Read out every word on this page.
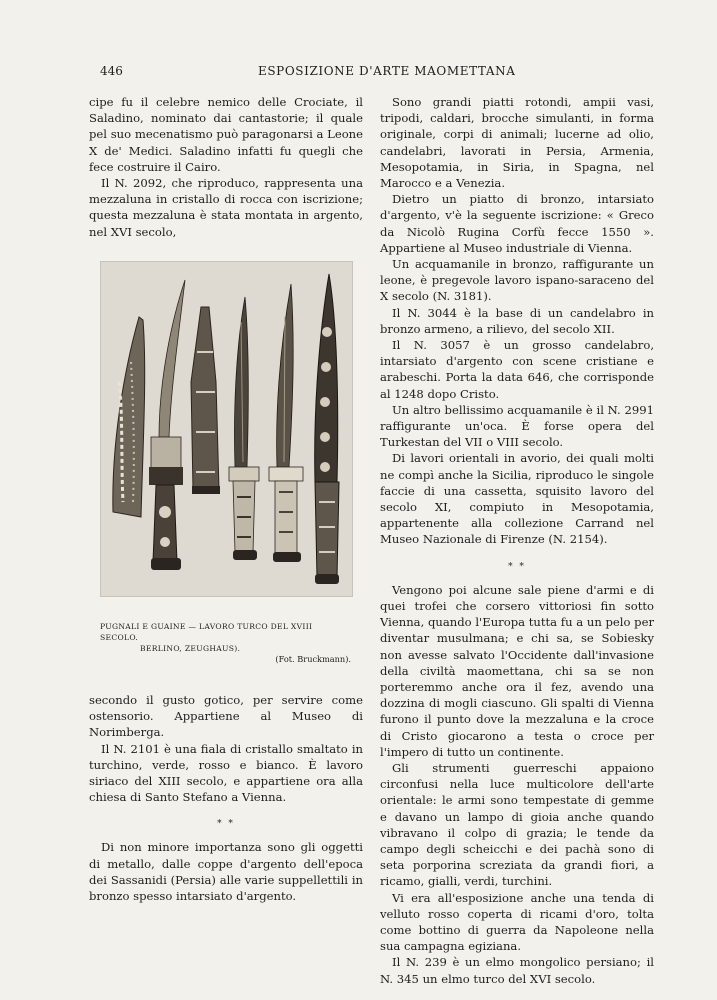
446	ESPOSIZIONE D'ARTE MAOMETTANA

cipe fu il celebre nemico delle Crociate, il Saladino, nominato dai cantastorie; il quale pel suo mecenatismo può paragonarsi a Leone X de' Medici. Saladino infatti fu quegli che fece costruire il Cairo.

Il N. 2092, che riproduco, rappresenta una mezzaluna in cristallo di rocca con iscrizione; questa mezzaluna è stata montata in argento, nel XVI secolo,

PUGNALI E GUAINE — LAVORO TURCO DEL XVIII SECOLO.
BERLINO, ZEUGHAUS).
(Fot. Bruckmann).

secondo il gusto gotico, per servire come ostensorio. Appartiene al Museo di Norimberga.

Il N. 2101 è una fiala di cristallo smaltato in turchino, verde, rosso e bianco. È lavoro siriaco del XIII secolo, e appartiene ora alla chiesa di Santo Stefano a Vienna.

* *

Di non minore importanza sono gli oggetti di metallo, dalle coppe d'argento dell'epoca dei Sassanidi (Persia) alle varie suppellettili in bronzo spesso intarsiato d'argento.

Sono grandi piatti rotondi, ampii vasi, tripodi, caldari, brocche simulanti, in forma originale, corpi di animali; lucerne ad olio, candelabri, lavorati in Persia, Armenia, Mesopotamia, in Siria, in Spagna, nel Marocco e a Venezia.

Dietro un piatto di bronzo, intarsiato d'argento, v'è la seguente iscrizione: « Greco da Nicolò Rugina Corfù fecce 1550 ». Appartiene al Museo industriale di Vienna.

Un acquamanile in bronzo, raffigurante un leone, è pregevole lavoro ispano-saraceno del X secolo (N. 3181).

Il N. 3044 è la base di un candelabro in bronzo armeno, a rilievo, del secolo XII.

Il N. 3057 è un grosso candelabro, intarsiato d'argento con scene cristiane e arabeschi. Porta la data 646, che corrisponde al 1248 dopo Cristo.

Un altro bellissimo acquamanile è il N. 2991 raffigurante un'oca. È forse opera del Turkestan del VII o VIII secolo.

Di lavori orientali in avorio, dei quali molti ne compì anche la Sicilia, riproduco le singole faccie di una cassetta, squisito lavoro del secolo XI, compiuto in Mesopotamia, appartenente alla collezione Carrand nel Museo Nazionale di Firenze (N. 2154).

* *

Vengono poi alcune sale piene d'armi e di quei trofei che corsero vittoriosi fin sotto Vienna, quando l'Europa tutta fu a un pelo per diventar musulmana; e chi sa, se Sobiesky non avesse salvato l'Occidente dall'invasione della civiltà maomettana, chi sa se non porteremmo anche ora il fez, avendo una dozzina di mogli ciascuno. Gli spalti di Vienna furono il punto dove la mezzaluna e la croce di Cristo giocarono a testa o croce per l'impero di tutto un continente.

Gli strumenti guerreschi appaiono circonfusi nella luce multicolore dell'arte orientale: le armi sono tempestate di gemme e davano un lampo di gioia anche quando vibravano il colpo di grazia; le tende da campo degli scheicchi e dei pachà sono di seta porporina screziata da grandi fiori, a ricamo, gialli, verdi, turchini.

Vi era all'esposizione anche una tenda di velluto rosso coperta di ricami d'oro, tolta come bottino di guerra da Napoleone nella sua campagna egiziana.

Il N. 239 è un elmo mongolico persiano; il N. 345 un elmo turco del XVI secolo.
